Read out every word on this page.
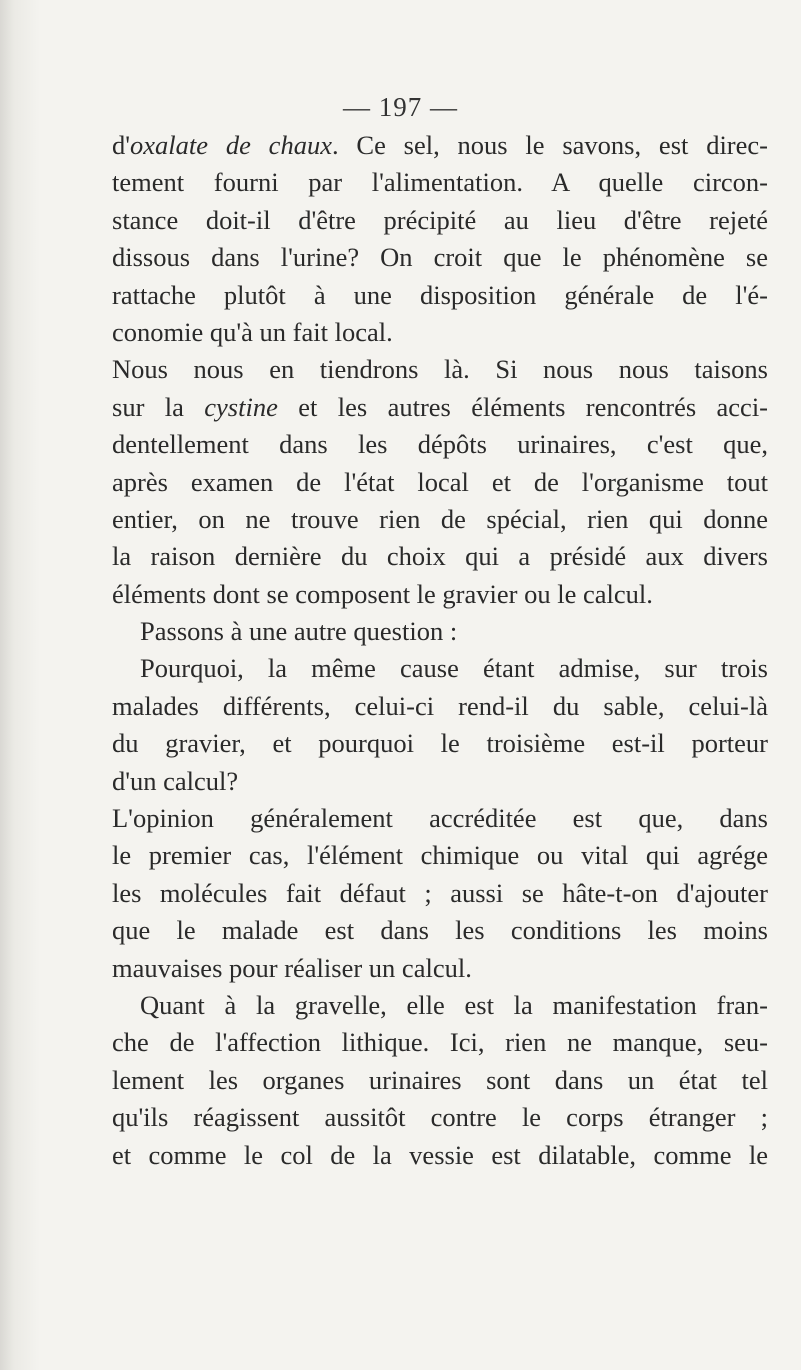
— 197 —
d'oxalate de chaux. Ce sel, nous le savons, est direc-
tement fourni par l'alimentation. A quelle circon-
stance doit-il d'être précipité au lieu d'être rejeté
dissous dans l'urine? On croit que le phénomène se
rattache plutôt à une disposition générale de l'é-
conomie qu'à un fait local.
Nous nous en tiendrons là. Si nous nous taisons
sur la cystine et les autres éléments rencontrés acci-
dentellement dans les dépôts urinaires, c'est que,
après examen de l'état local et de l'organisme tout
entier, on ne trouve rien de spécial, rien qui donne
la raison dernière du choix qui a présidé aux divers
éléments dont se composent le gravier ou le calcul.
Passons à une autre question :
Pourquoi, la même cause étant admise, sur trois
malades différents, celui-ci rend-il du sable, celui-là
du gravier, et pourquoi le troisième est-il porteur
d'un calcul?
L'opinion généralement accréditée est que, dans
le premier cas, l'élément chimique ou vital qui agrége
les molécules fait défaut ; aussi se hâte-t-on d'ajouter
que le malade est dans les conditions les moins
mauvaises pour réaliser un calcul.
Quant à la gravelle, elle est la manifestation fran-
che de l'affection lithique. Ici, rien ne manque, seu-
lement les organes urinaires sont dans un état tel
qu'ils réagissent aussitôt contre le corps étranger ;
et comme le col de la vessie est dilatable, comme le
